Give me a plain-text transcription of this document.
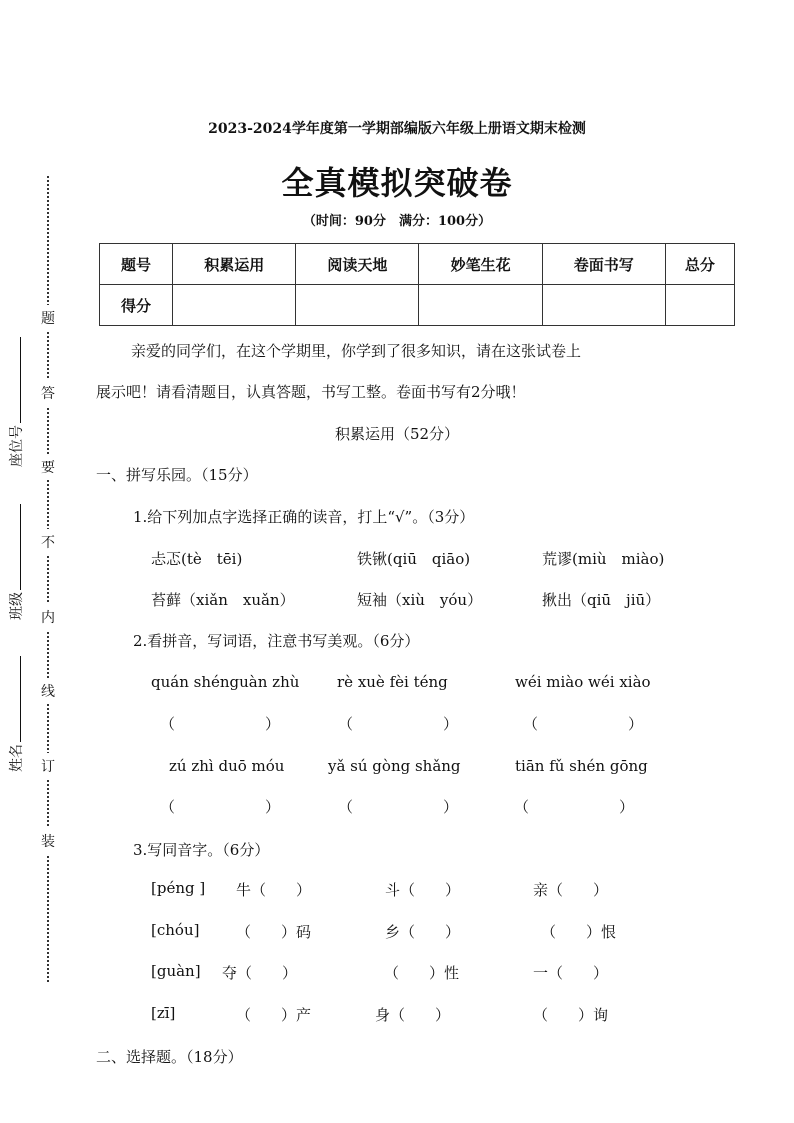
题
答
要
不
内
线
订
装
座位号
班级
姓名
2023-2024学年度第一学期部编版六年级上册语文期末检测
全真模拟突破卷
（时间：90分　满分：100分）
题号	积累运用	阅读天地	妙笔生花	卷面书写	总分
得分					
亲爱的同学们，在这个学期里，你学到了很多知识，请在这张试卷上
展示吧！请看清题目，认真答题，书写工整。卷面书写有2分哦！
积累运用（52分）
一、拼写乐园。（15分）
1.给下列加点字选择正确的读音，打上“√”。（3分）
忐忑(tè　tēi)	铁锹(qiū　qiāo)	荒谬(miù　miào)
苔藓（xiǎn　xuǎn）	短袖（xiù　yóu）	揪出（qiū　jiū）
2.看拼音，写词语，注意书写美观。（6分）
quán shénguàn zhù	rè xuè fèi téng	wéi miào wéi xiào
（　　　　　　）	（　　　　　　）	（　　　　　　）
zú zhì duō móu	yǎ sú gòng shǎng	tiān fǔ shén gōng
（　　　　　　）	（　　　　　　）	（　　　　　　）
3.写同音字。（6分）
[péng ] 牛（　　）	斗（　　）	亲（　　）
[chóu] （　　）码	乡（　　）	（　　）恨
[guàn] 夺（　　）	（　　）性	一（　　）
[zī]	（　　）产	身（　　）	（　　）询
二、选择题。（18分）
